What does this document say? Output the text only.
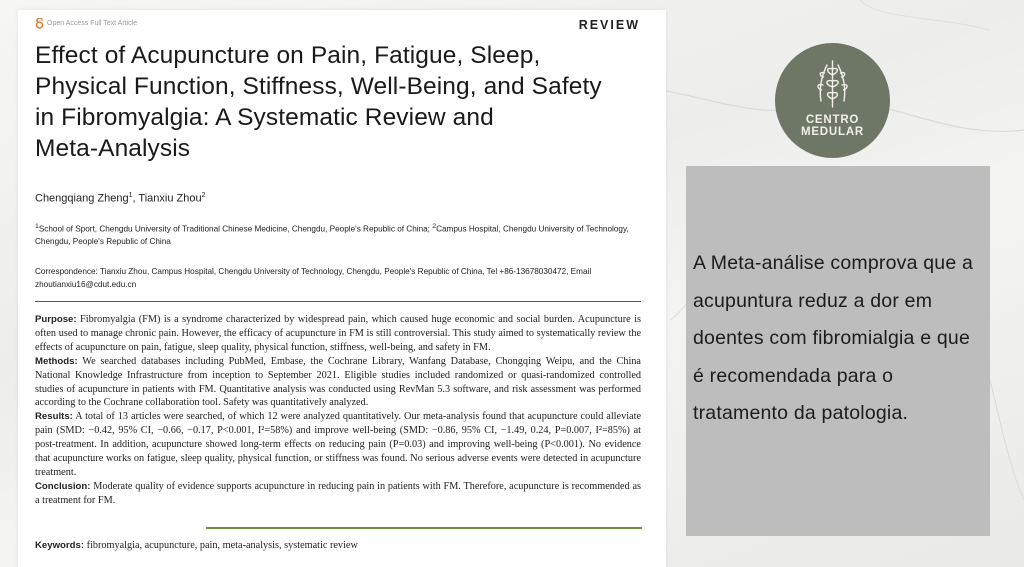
Open Access Full Text Article	REVIEW
Effect of Acupuncture on Pain, Fatigue, Sleep,
Physical Function, Stiffness, Well-Being, and Safety
in Fibromyalgia: A Systematic Review and
Meta-Analysis
Chengqiang Zheng$^1$, Tianxiu Zhou$^2$
$^1$School of Sport, Chengdu University of Traditional Chinese Medicine, Chengdu, People's Republic of China; $^2$Campus Hospital, Chengdu University of Technology, Chengdu, People's Republic of China
Correspondence: Tianxiu Zhou, Campus Hospital, Chengdu University of Technology, Chengdu, People's Republic of China, Tel +86-13678030472, Email zhoutianxiu16@cdut.edu.cn

Purpose: Fibromyalgia (FM) is a syndrome characterized by widespread pain, which caused huge economic and social burden. Acupuncture is often used to manage chronic pain. However, the efficacy of acupuncture in FM is still controversial. This study aimed to systematically review the effects of acupuncture on pain, fatigue, sleep quality, physical function, stiffness, well-being, and safety in FM.

Methods: We searched databases including PubMed, Embase, the Cochrane Library, Wanfang Database, Chongqing Weipu, and the China National Knowledge Infrastructure from inception to September 2021. Eligible studies included randomized or quasi-randomized controlled studies of acupuncture in patients with FM. Quantitative analysis was conducted using RevMan 5.3 software, and risk assessment was performed according to the Cochrane collaboration tool. Safety was quantitatively analyzed.

Results: A total of 13 articles were searched, of which 12 were analyzed quantitatively. Our meta-analysis found that acupuncture could alleviate pain (SMD: −0.42, 95% CI, −0.66, −0.17, P<0.001, I²=58%) and improve well-being (SMD: −0.86, 95% CI, −1.49, 0.24, P=0.007, I²=85%) at post-treatment. In addition, acupuncture showed long-term effects on reducing pain (P=0.03) and improving well-being (P<0.001). No evidence that acupuncture works on fatigue, sleep quality, physical function, or stiffness was found. No serious adverse events were detected in acupuncture treatment.

Conclusion: Moderate quality of evidence supports acupuncture in reducing pain in patients with FM. Therefore, acupuncture is recommended as a treatment for FM.

Keywords: fibromyalgia, acupuncture, pain, meta-analysis, systematic review
CENTRO
MEDULAR
A Meta-análise comprova que a acupuntura reduz a dor em doentes com fibromialgia e que é recomendada para o tratamento da patologia.
